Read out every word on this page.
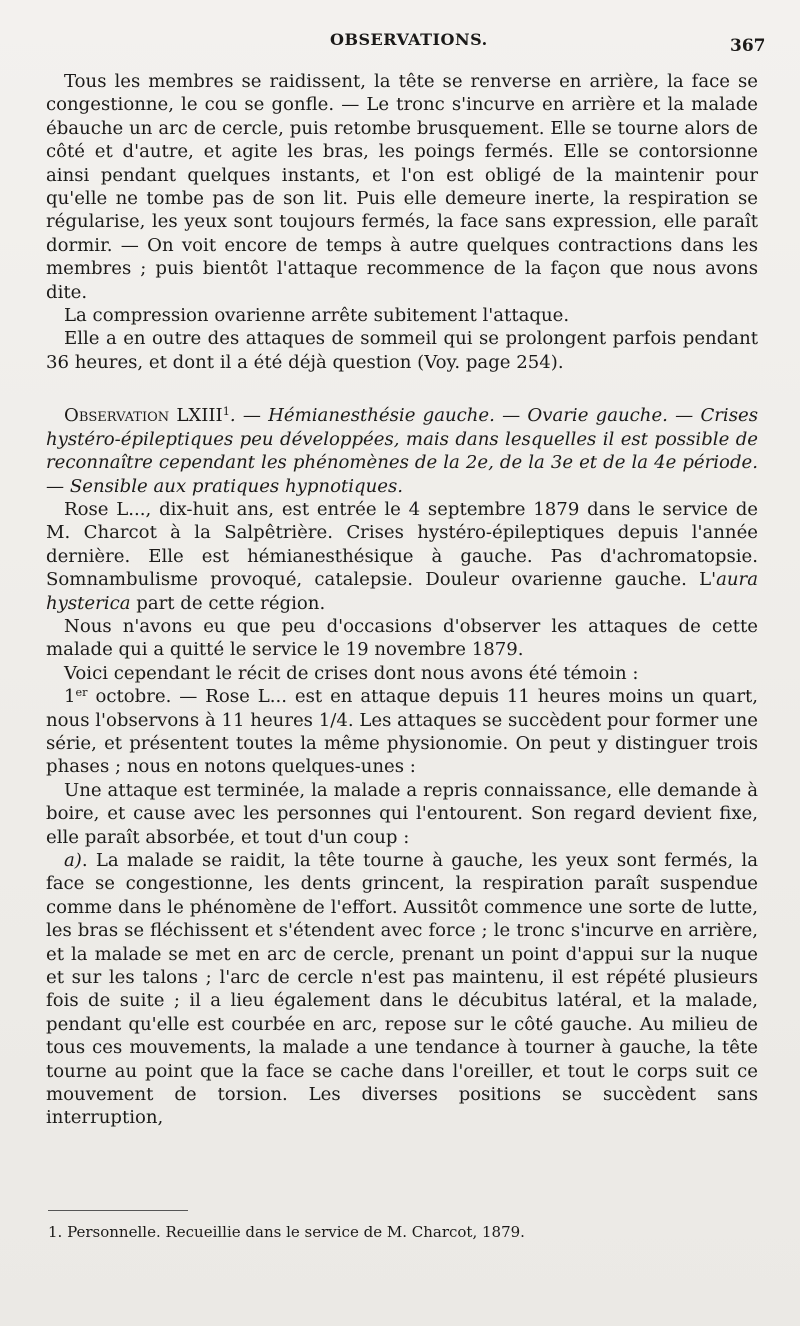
OBSERVATIONS.	367

Tous les membres se raidissent, la tête se renverse en arrière, la face se congestionne, le cou se gonfle. — Le tronc s'incurve en arrière et la malade ébauche un arc de cercle, puis retombe brusquement. Elle se tourne alors de côté et d'autre, et agite les bras, les poings fermés. Elle se contorsionne ainsi pendant quelques instants, et l'on est obligé de la maintenir pour qu'elle ne tombe pas de son lit. Puis elle demeure inerte, la respiration se régularise, les yeux sont toujours fermés, la face sans expression, elle paraît dormir. — On voit encore de temps à autre quelques contractions dans les membres ; puis bientôt l'attaque recommence de la façon que nous avons dite.

La compression ovarienne arrête subitement l'attaque.

Elle a en outre des attaques de sommeil qui se prolongent parfois pendant 36 heures, et dont il a été déjà question (Voy. page 254).

Observation LXIII$^1$. — Hémianesthésie gauche. — Ovarie gauche. — Crises hystéro-épileptiques peu développées, mais dans lesquelles il est possible de reconnaître cependant les phénomènes de la 2e, de la 3e et de la 4e période. — Sensible aux pratiques hypnotiques.

Rose L..., dix-huit ans, est entrée le 4 septembre 1879 dans le service de M. Charcot à la Salpêtrière. Crises hystéro-épileptiques depuis l'année dernière. Elle est hémianesthésique à gauche. Pas d'achromatopsie. Somnambulisme provoqué, catalepsie. Douleur ovarienne gauche. L'aura hysterica part de cette région.

Nous n'avons eu que peu d'occasions d'observer les attaques de cette malade qui a quitté le service le 19 novembre 1879.

Voici cependant le récit de crises dont nous avons été témoin :

1er octobre. — Rose L... est en attaque depuis 11 heures moins un quart, nous l'observons à 11 heures 1/4. Les attaques se succèdent pour former une série, et présentent toutes la même physionomie. On peut y distinguer trois phases ; nous en notons quelques-unes :

Une attaque est terminée, la malade a repris connaissance, elle demande à boire, et cause avec les personnes qui l'entourent. Son regard devient fixe, elle paraît absorbée, et tout d'un coup :

a). La malade se raidit, la tête tourne à gauche, les yeux sont fermés, la face se congestionne, les dents grincent, la respiration paraît suspendue comme dans le phénomène de l'effort. Aussitôt commence une sorte de lutte, les bras se fléchissent et s'étendent avec force ; le tronc s'incurve en arrière, et la malade se met en arc de cercle, prenant un point d'appui sur la nuque et sur les talons ; l'arc de cercle n'est pas maintenu, il est répété plusieurs fois de suite ; il a lieu également dans le décubitus latéral, et la malade, pendant qu'elle est courbée en arc, repose sur le côté gauche. Au milieu de tous ces mouvements, la malade a une tendance à tourner à gauche, la tête tourne au point que la face se cache dans l'oreiller, et tout le corps suit ce mouvement de torsion. Les diverses positions se succèdent sans interruption,

1. Personnelle. Recueillie dans le service de M. Charcot, 1879.
